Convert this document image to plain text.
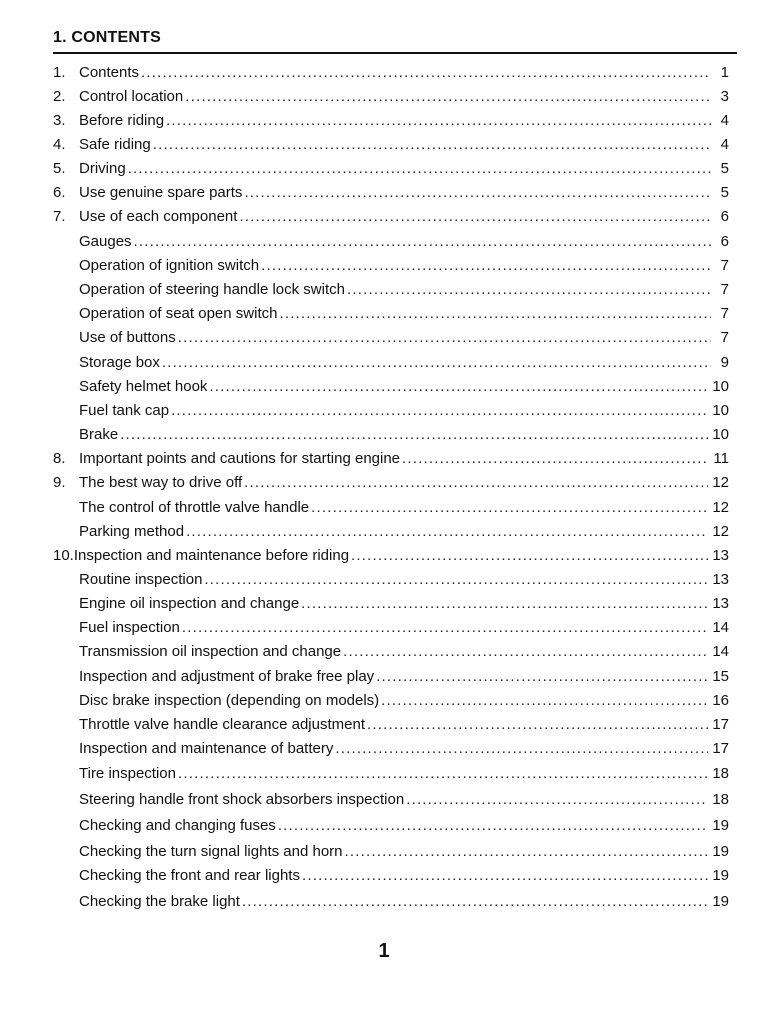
1. CONTENTS
1. Contents .....	1
2. Control location .....	3
3. Before riding .....	4
4. Safe riding .....	4
5. Driving .....	5
6. Use genuine spare parts .....	5
7. Use of each component .....	6
Gauges .....	6
Operation of ignition switch .....	7
Operation of steering handle lock switch .....	7
Operation of seat open switch .....	7
Use of buttons .....	7
Storage box .....	9
Safety helmet hook .....	10
Fuel tank cap .....	10
Brake .....	10
8. Important points and cautions for starting engine .....	11
9. The best way to drive off .....	12
The control of throttle valve handle .....	12
Parking method .....	12
10. Inspection and maintenance before riding .....	13
Routine inspection .....	13
Engine oil inspection and change .....	13
Fuel inspection .....	14
Transmission oil inspection and change .....	14
Inspection and adjustment of brake free play .....	15
Disc brake inspection (depending on models) .....	16
Throttle valve handle clearance adjustment .....	17
Inspection and maintenance of battery .....	17
Tire inspection .....	18
Steering handle front shock absorbers inspection .....	18
Checking and changing fuses .....	19
Checking the turn signal lights and horn .....	19
Checking the front and rear lights .....	19
Checking the brake light .....	19
1
